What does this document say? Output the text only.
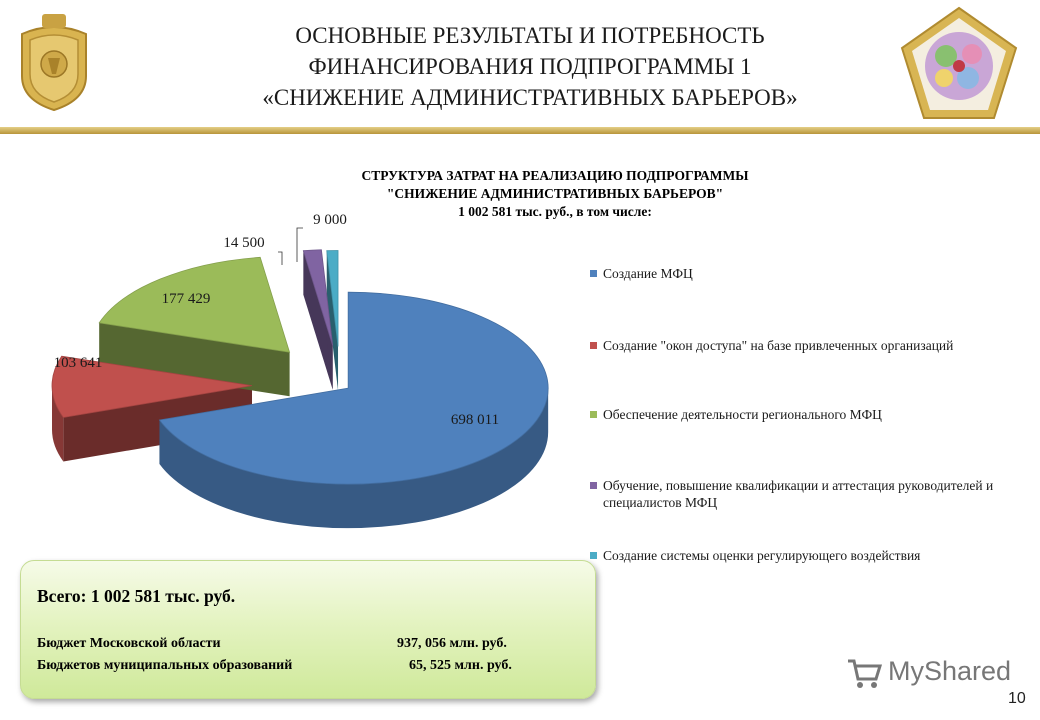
ОСНОВНЫЕ РЕЗУЛЬТАТЫ И ПОТРЕБНОСТЬ
ФИНАНСИРОВАНИЯ ПОДПРОГРАММЫ 1
«СНИЖЕНИЕ АДМИНИСТРАТИВНЫХ БАРЬЕРОВ»
СТРУКТУРА ЗАТРАТ НА РЕАЛИЗАЦИЮ ПОДПРОГРАММЫ
"СНИЖЕНИЕ АДМИНИСТРАТИВНЫХ БАРЬЕРОВ"
1 002 581 тыс. руб., в том числе:
698 011
103 641
177 429
14 500
9 000
Создание МФЦ
Создание "окон доступа" на базе привлеченных организаций
Обеспечение деятельности регионального МФЦ
Обучение, повышение квалификации и аттестация руководителей и специалистов МФЦ
Создание системы оценки регулирующего воздействия
Всего: 1 002 581 тыс. руб.
Бюджет Московской области	937, 056 млн. руб.
Бюджетов муниципальных образований	65, 525 млн. руб.	MyShared
10
